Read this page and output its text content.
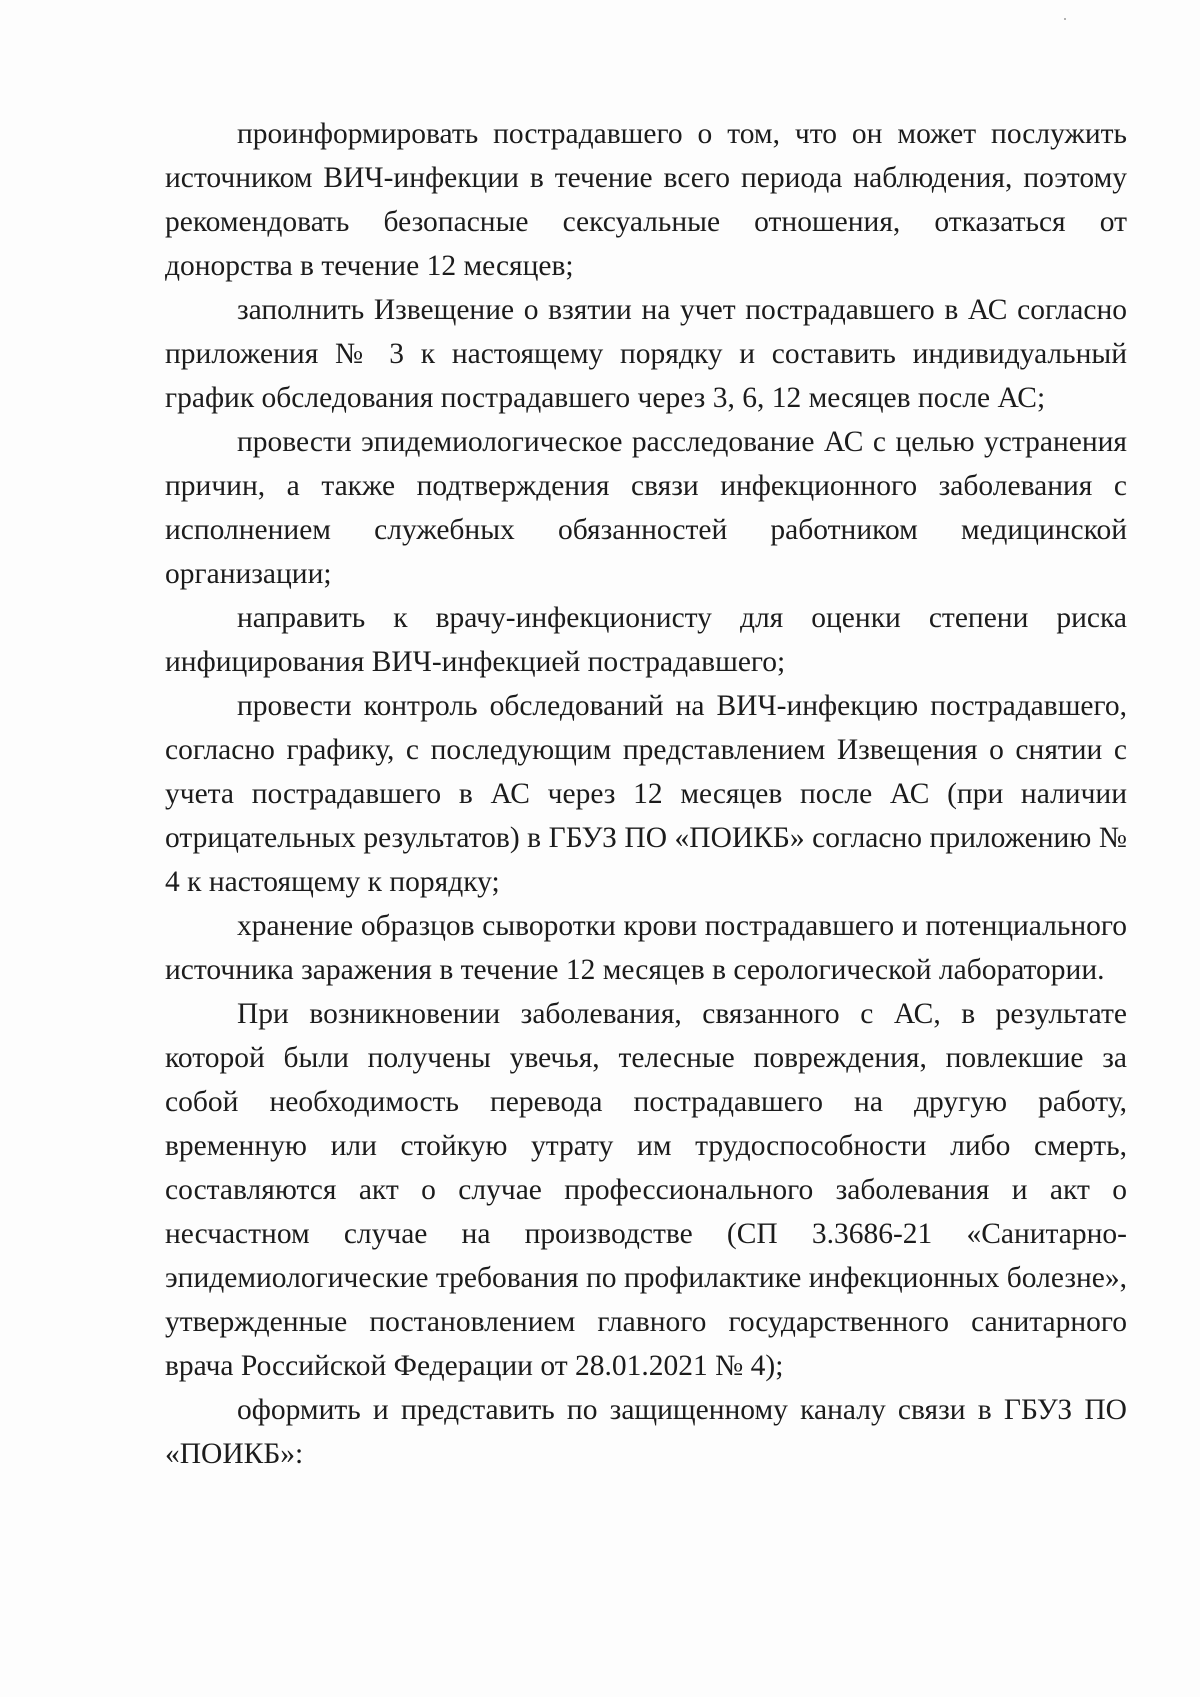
проинформировать пострадавшего о том, что он может послужить источником ВИЧ-инфекции в течение всего периода наблюдения, поэтому рекомендовать безопасные сексуальные отношения, отказаться от донорства в течение 12 месяцев;

заполнить Извещение о взятии на учет пострадавшего в АС согласно приложения № 3 к настоящему порядку и составить индивидуальный график обследования пострадавшего через 3, 6, 12 месяцев после АС;

провести эпидемиологическое расследование АС с целью устранения причин, а также подтверждения связи инфекционного заболевания с исполнением служебных обязанностей работником медицинской организации;

направить к врачу-инфекционисту для оценки степени риска инфицирования ВИЧ-инфекцией пострадавшего;

провести контроль обследований на ВИЧ-инфекцию пострадавшего, согласно графику, с последующим представлением Извещения о снятии с учета пострадавшего в АС через 12 месяцев после АС (при наличии отрицательных результатов) в ГБУЗ ПО «ПОИКБ» согласно приложению № 4 к настоящему к порядку;

хранение образцов сыворотки крови пострадавшего и потенциального источника заражения в течение 12 месяцев в серологической лаборатории.

При возникновении заболевания, связанного с АС, в результате которой были получены увечья, телесные повреждения, повлекшие за собой необходимость перевода пострадавшего на другую работу, временную или стойкую утрату им трудоспособности либо смерть, составляются акт о случае профессионального заболевания и акт о несчастном случае на производстве (СП 3.3686-21 «Санитарно-эпидемиологические требования по профилактике инфекционных болезне», утвержденные постановлением главного государственного санитарного врача Российской Федерации от 28.01.2021 № 4);

оформить и представить по защищенному каналу связи в ГБУЗ ПО «ПОИКБ»:
